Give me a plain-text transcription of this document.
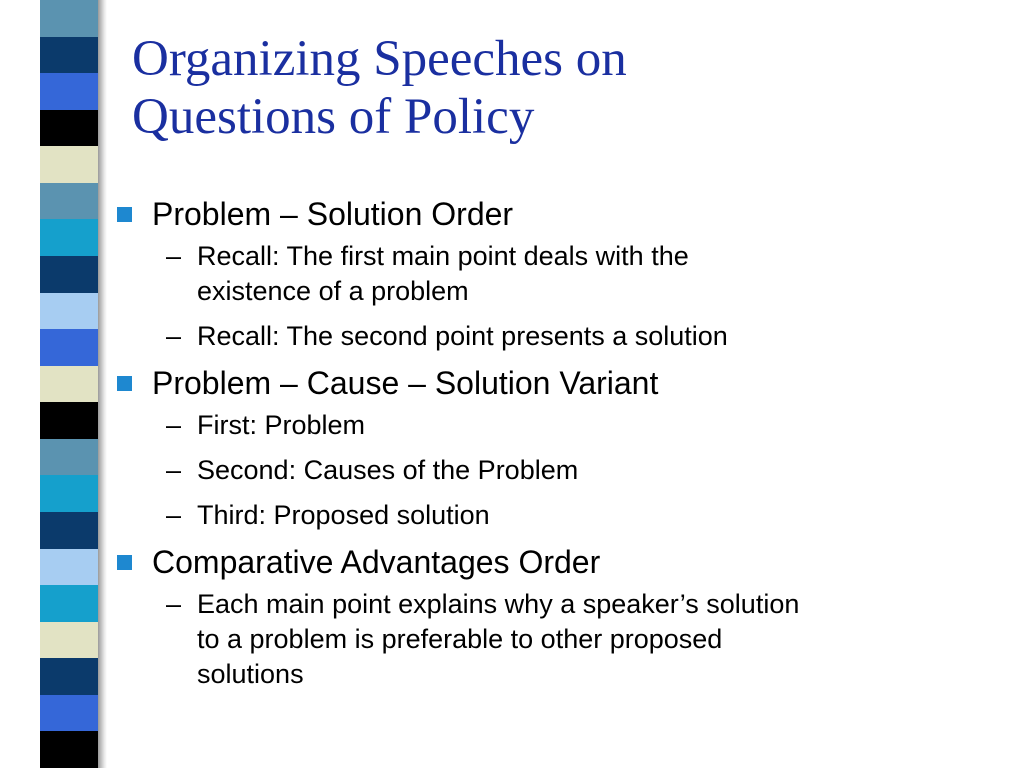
Organizing Speeches on
Questions of Policy
Problem – Solution Order
– Recall: The first main point deals with the
existence of a problem
– Recall: The second point presents a solution
Problem – Cause – Solution Variant
– First: Problem
– Second: Causes of the Problem
– Third: Proposed solution
Comparative Advantages Order
– Each main point explains why a speaker’s solution
to a problem is preferable to other proposed
solutions
